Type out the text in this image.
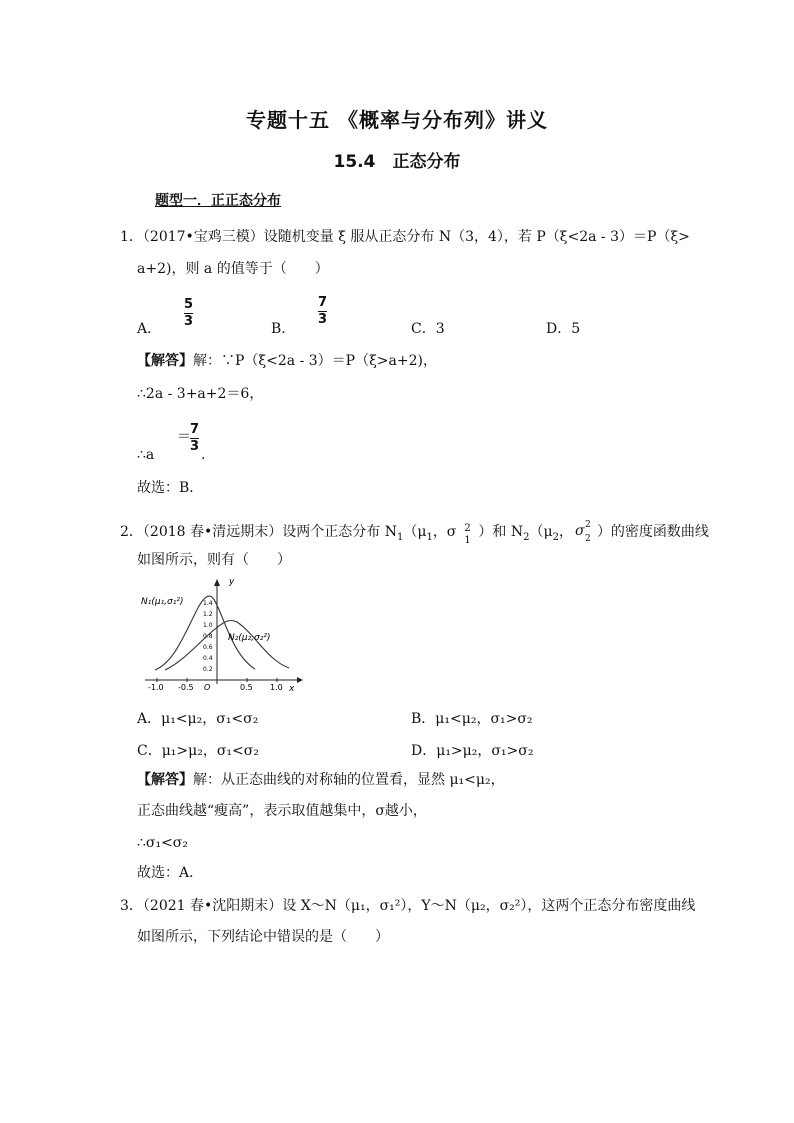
专题十五 《概率与分布列》讲义
15.4　正态分布
题型一．正正态分布
1．（2017•宝鸡三模）设随机变量 ξ 服从正态分布 N（3，4），若 P（ξ<2a - 3）＝P（ξ>
a+2)，则 a 的值等于（　　）
A．
5
3	B．
7
3
C．3	D．5
【解答】解：∵P（ξ<2a - 3）＝P（ξ>a+2)，
∴2a - 3+a+2＝6，
∴a
＝ 7
3
.
故选：B．
2．（2018 春•清远期末）设两个正态分布 $N_1(\mu_1$，σ 2
1
）和 $N_2(\mu_2$， σ 2
2 ）的密度函数曲线
如图所示，则有（　　）
y
x
N₁(μ₁,σ₁²)
N₂(μ₂,σ₂²)
-1.0 -0.5 O	0.5 1.0
1.4
1.2
1.0
0.8
0.6
0.4
0.2
A．μ₁<μ₂，σ₁<σ₂	B．μ₁<μ₂，σ₁>σ₂
C．μ₁>μ₂，σ₁<σ₂	D．μ₁>μ₂，σ₁>σ₂
【解答】解：从正态曲线的对称轴的位置看，显然 μ₁<μ₂，
正态曲线越“瘦高”，表示取值越集中，σ越小，
∴σ₁<σ₂
故选：A．
3．（2021 春•沈阳期末）设 X～N（μ₁，σ₁²），Y～N（μ₂，σ₂²），这两个正态分布密度曲线
如图所示，下列结论中错误的是（　　）
